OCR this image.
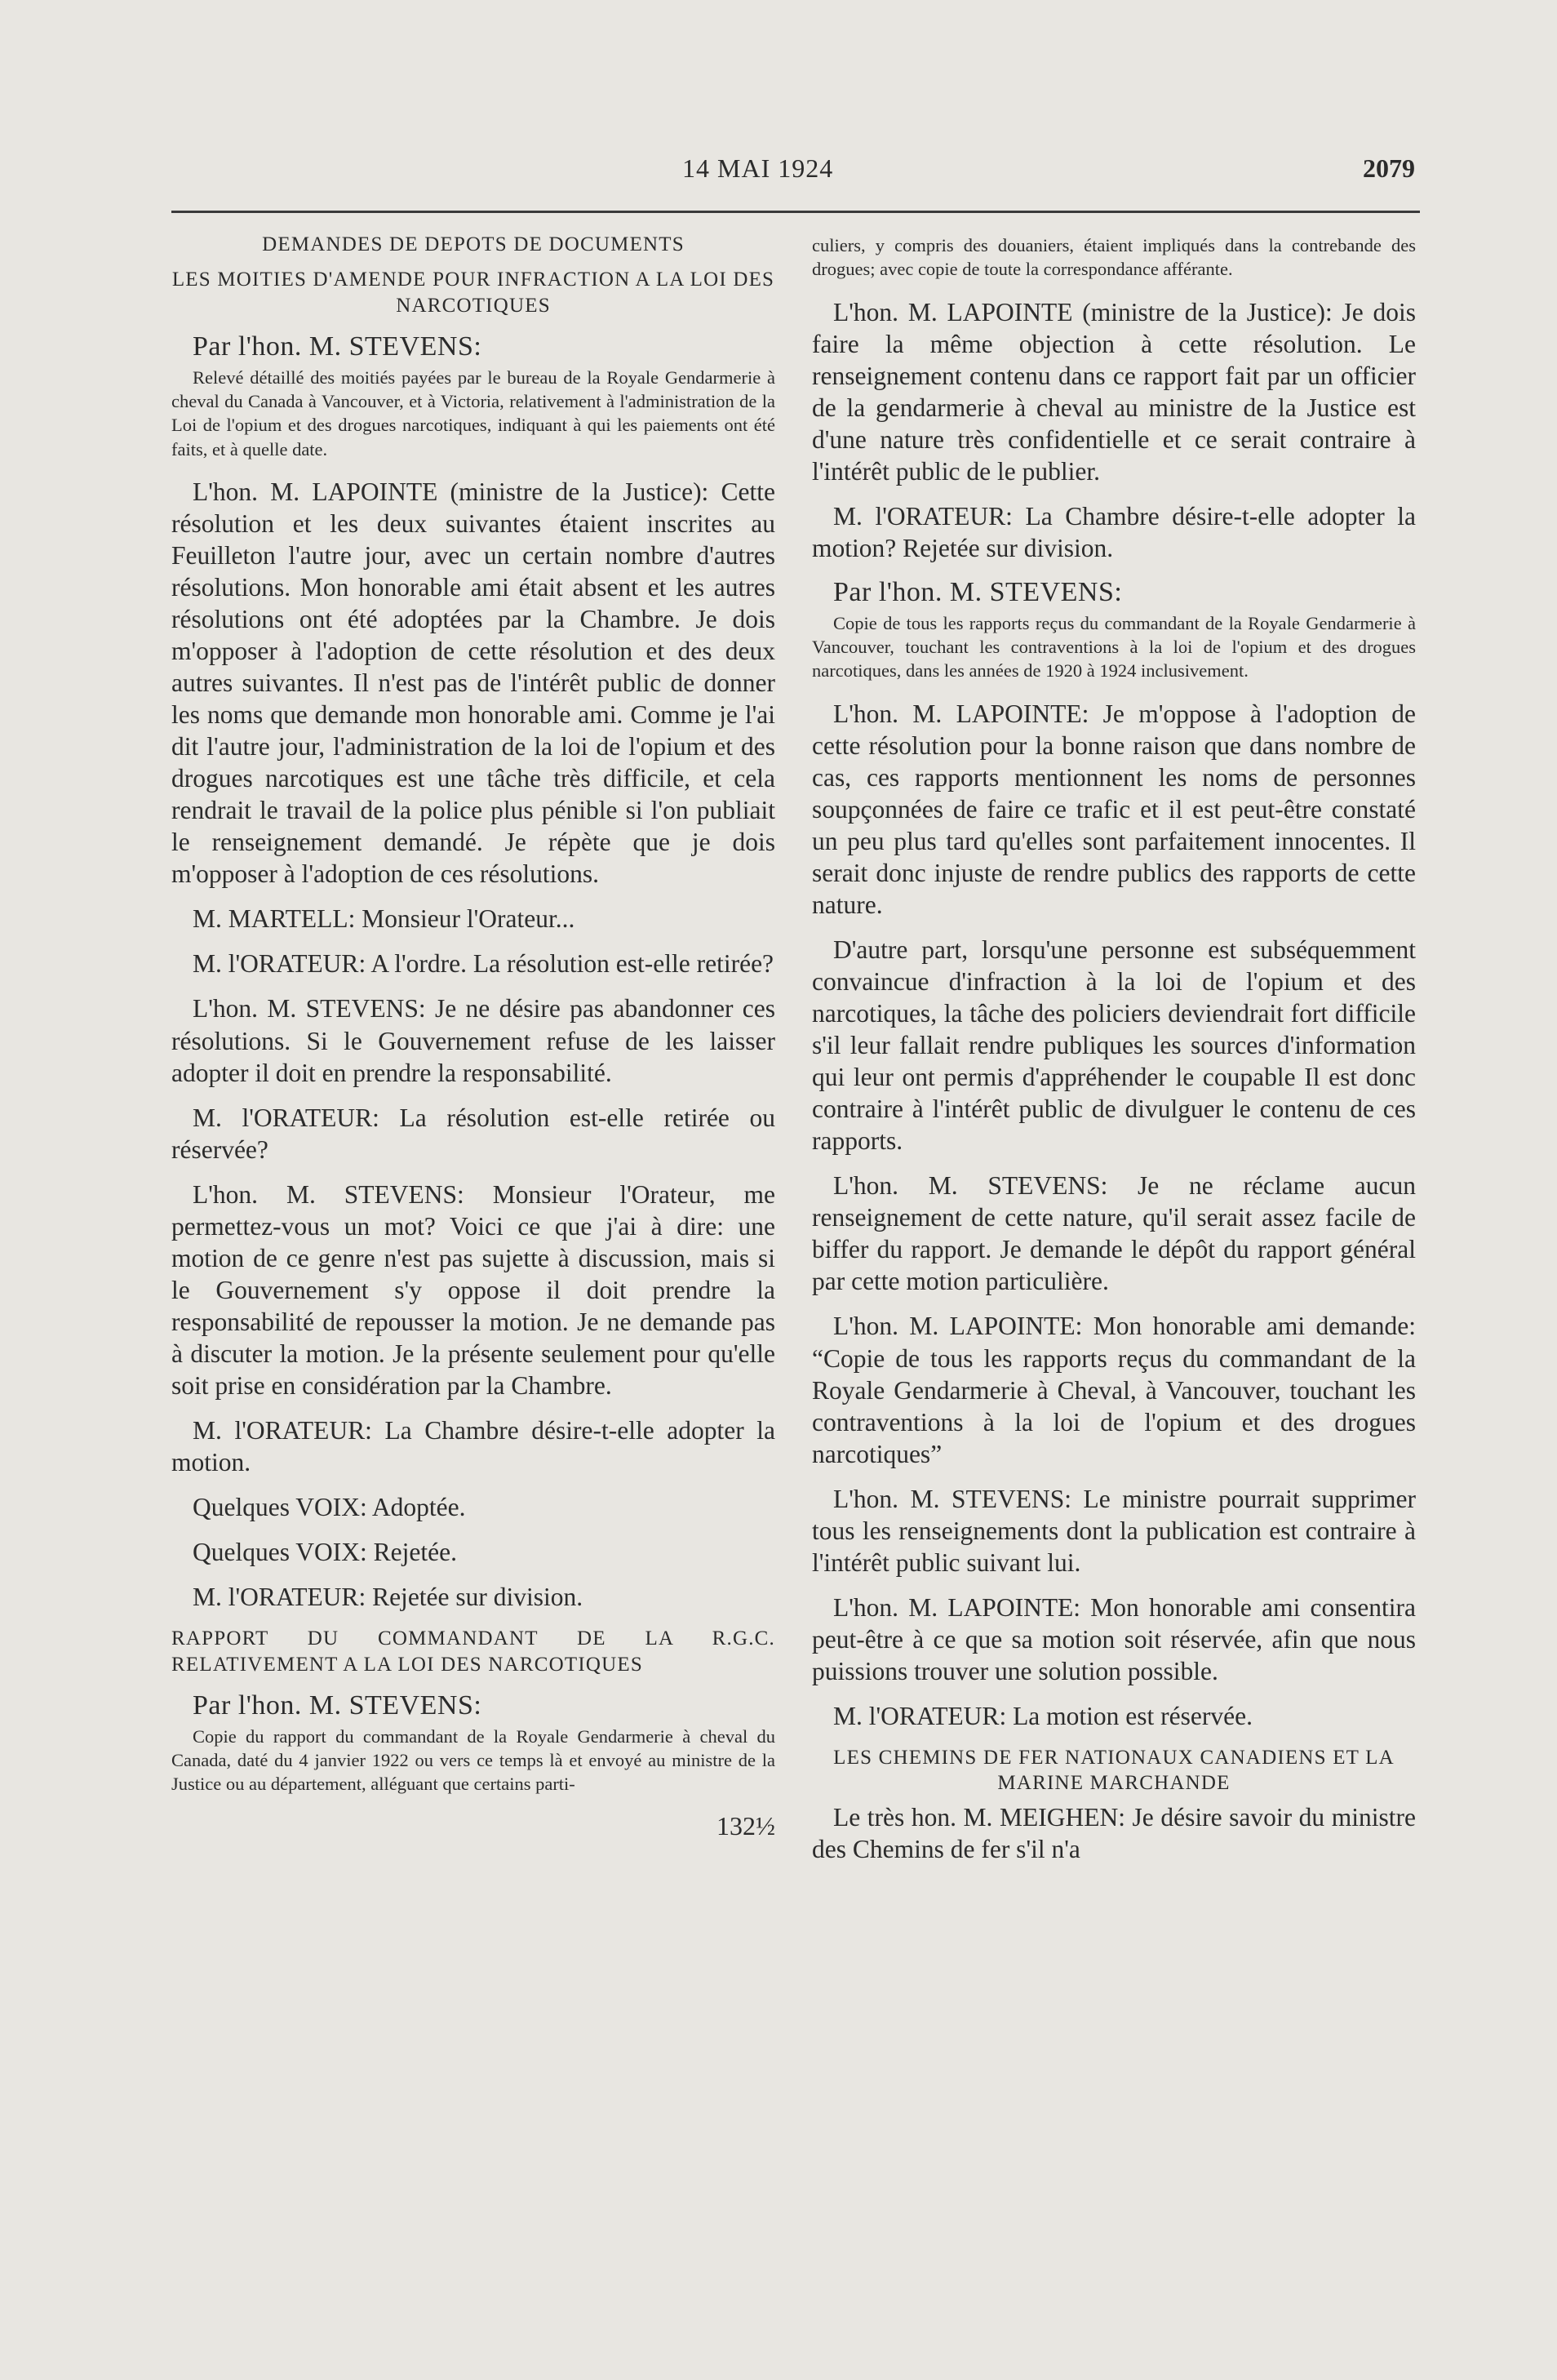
14 MAI 1924	2079
DEMANDES DE DEPOTS DE DOCUMENTS
LES MOITIES D'AMENDE POUR INFRACTION A LA LOI DES NARCOTIQUES
Par l'hon. M. STEVENS:
Relevé détaillé des moitiés payées par le bureau de la Royale Gendarmerie à cheval du Canada à Vancouver, et à Victoria, relativement à l'administration de la Loi de l'opium et des drogues narcotiques, indiquant à qui les paiements ont été faits, et à quelle date.
L'hon. M. LAPOINTE (ministre de la Justice): Cette résolution et les deux suivantes étaient inscrites au Feuilleton l'autre jour, avec un certain nombre d'autres résolutions. Mon honorable ami était absent et les autres résolutions ont été adoptées par la Chambre. Je dois m'opposer à l'adoption de cette résolution et des deux autres suivantes. Il n'est pas de l'intérêt public de donner les noms que demande mon honorable ami. Comme je l'ai dit l'autre jour, l'administration de la loi de l'opium et des drogues narcotiques est une tâche très difficile, et cela rendrait le travail de la police plus pénible si l'on publiait le renseignement demandé. Je répète que je dois m'opposer à l'adoption de ces résolutions.
M. MARTELL: Monsieur l'Orateur...
M. l'ORATEUR: A l'ordre. La résolution est-elle retirée?
L'hon. M. STEVENS: Je ne désire pas abandonner ces résolutions. Si le Gouvernement refuse de les laisser adopter il doit en prendre la responsabilité.
M. l'ORATEUR: La résolution est-elle retirée ou réservée?
L'hon. M. STEVENS: Monsieur l'Orateur, me permettez-vous un mot? Voici ce que j'ai à dire: une motion de ce genre n'est pas sujette à discussion, mais si le Gouvernement s'y oppose il doit prendre la responsabilité de repousser la motion. Je ne demande pas à discuter la motion. Je la présente seulement pour qu'elle soit prise en considération par la Chambre.
M. l'ORATEUR: La Chambre désire-t-elle adopter la motion.
Quelques VOIX: Adoptée.
Quelques VOIX: Rejetée.
M. l'ORATEUR: Rejetée sur division.
RAPPORT DU COMMANDANT DE LA R.G.C. RELATIVEMENT A LA LOI DES NARCOTIQUES
Par l'hon. M. STEVENS:
Copie du rapport du commandant de la Royale Gendarmerie à cheval du Canada, daté du 4 janvier 1922 ou vers ce temps là et envoyé au ministre de la Justice ou au département, alléguant que certains parti-
132½
culiers, y compris des douaniers, étaient impliqués dans la contrebande des drogues; avec copie de toute la correspondance afférante.
L'hon. M. LAPOINTE (ministre de la Justice): Je dois faire la même objection à cette résolution. Le renseignement contenu dans ce rapport fait par un officier de la gendarmerie à cheval au ministre de la Justice est d'une nature très confidentielle et ce serait contraire à l'intérêt public de le publier.
M. l'ORATEUR: La Chambre désire-t-elle adopter la motion? Rejetée sur division.
Par l'hon. M. STEVENS:
Copie de tous les rapports reçus du commandant de la Royale Gendarmerie à Vancouver, touchant les contraventions à la loi de l'opium et des drogues narcotiques, dans les années de 1920 à 1924 inclusivement.
L'hon. M. LAPOINTE: Je m'oppose à l'adoption de cette résolution pour la bonne raison que dans nombre de cas, ces rapports mentionnent les noms de personnes soupçonnées de faire ce trafic et il est peut-être constaté un peu plus tard qu'elles sont parfaitement innocentes. Il serait donc injuste de rendre publics des rapports de cette nature.
D'autre part, lorsqu'une personne est subséquemment convaincue d'infraction à la loi de l'opium et des narcotiques, la tâche des policiers deviendrait fort difficile s'il leur fallait rendre publiques les sources d'information qui leur ont permis d'appréhender le coupable Il est donc contraire à l'intérêt public de divulguer le contenu de ces rapports.
L'hon. M. STEVENS: Je ne réclame aucun renseignement de cette nature, qu'il serait assez facile de biffer du rapport. Je demande le dépôt du rapport général par cette motion particulière.
L'hon. M. LAPOINTE: Mon honorable ami demande: “Copie de tous les rapports reçus du commandant de la Royale Gendarmerie à Cheval, à Vancouver, touchant les contraventions à la loi de l'opium et des drogues narcotiques”
L'hon. M. STEVENS: Le ministre pourrait supprimer tous les renseignements dont la publication est contraire à l'intérêt public suivant lui.
L'hon. M. LAPOINTE: Mon honorable ami consentira peut-être à ce que sa motion soit réservée, afin que nous puissions trouver une solution possible.
M. l'ORATEUR: La motion est réservée.
LES CHEMINS DE FER NATIONAUX CANADIENS ET LA MARINE MARCHANDE
Le très hon. M. MEIGHEN: Je désire savoir du ministre des Chemins de fer s'il n'a
